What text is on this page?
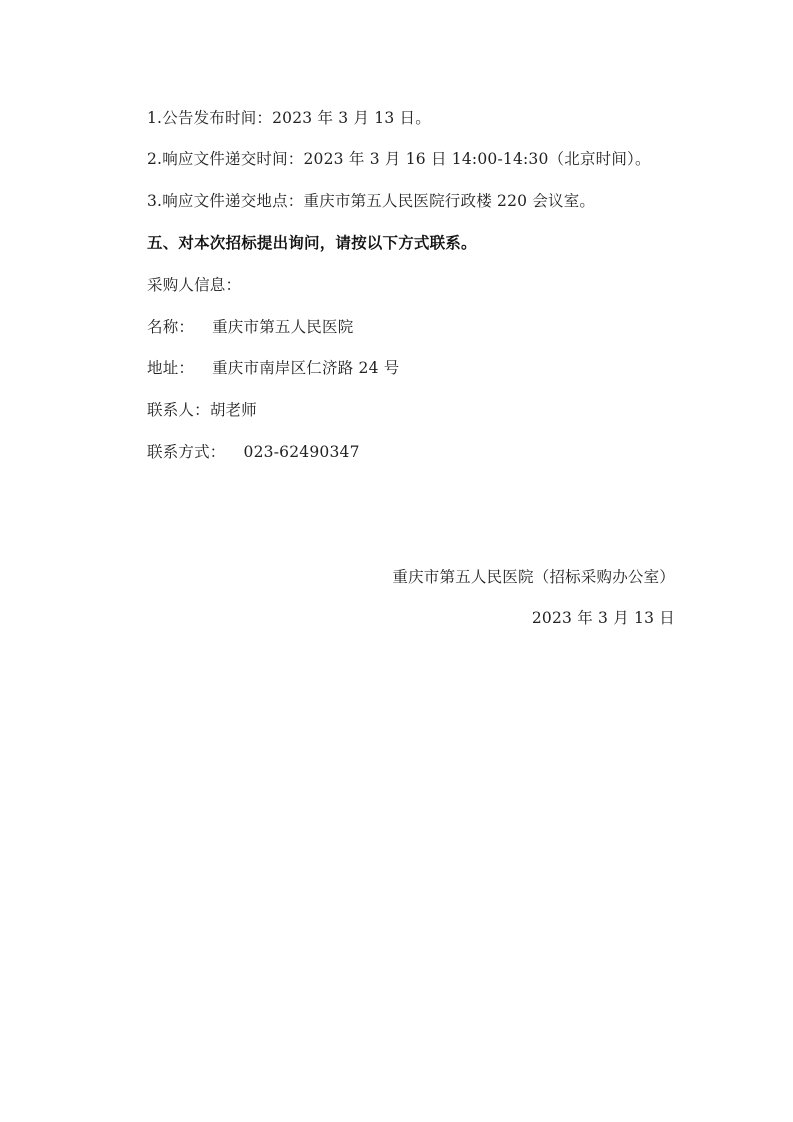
1.公告发布时间：2023 年 3 月 13 日。
2.响应文件递交时间：2023 年 3 月 16 日 14:00-14:30（北京时间）。
3.响应文件递交地点：重庆市第五人民医院行政楼 220 会议室。
五、对本次招标提出询问，请按以下方式联系。
采购人信息：
名称： 重庆市第五人民医院
地址： 重庆市南岸区仁济路 24 号
联系人：胡老师
联系方式： 023-62490347
重庆市第五人民医院（招标采购办公室）
2023 年 3 月 13 日
